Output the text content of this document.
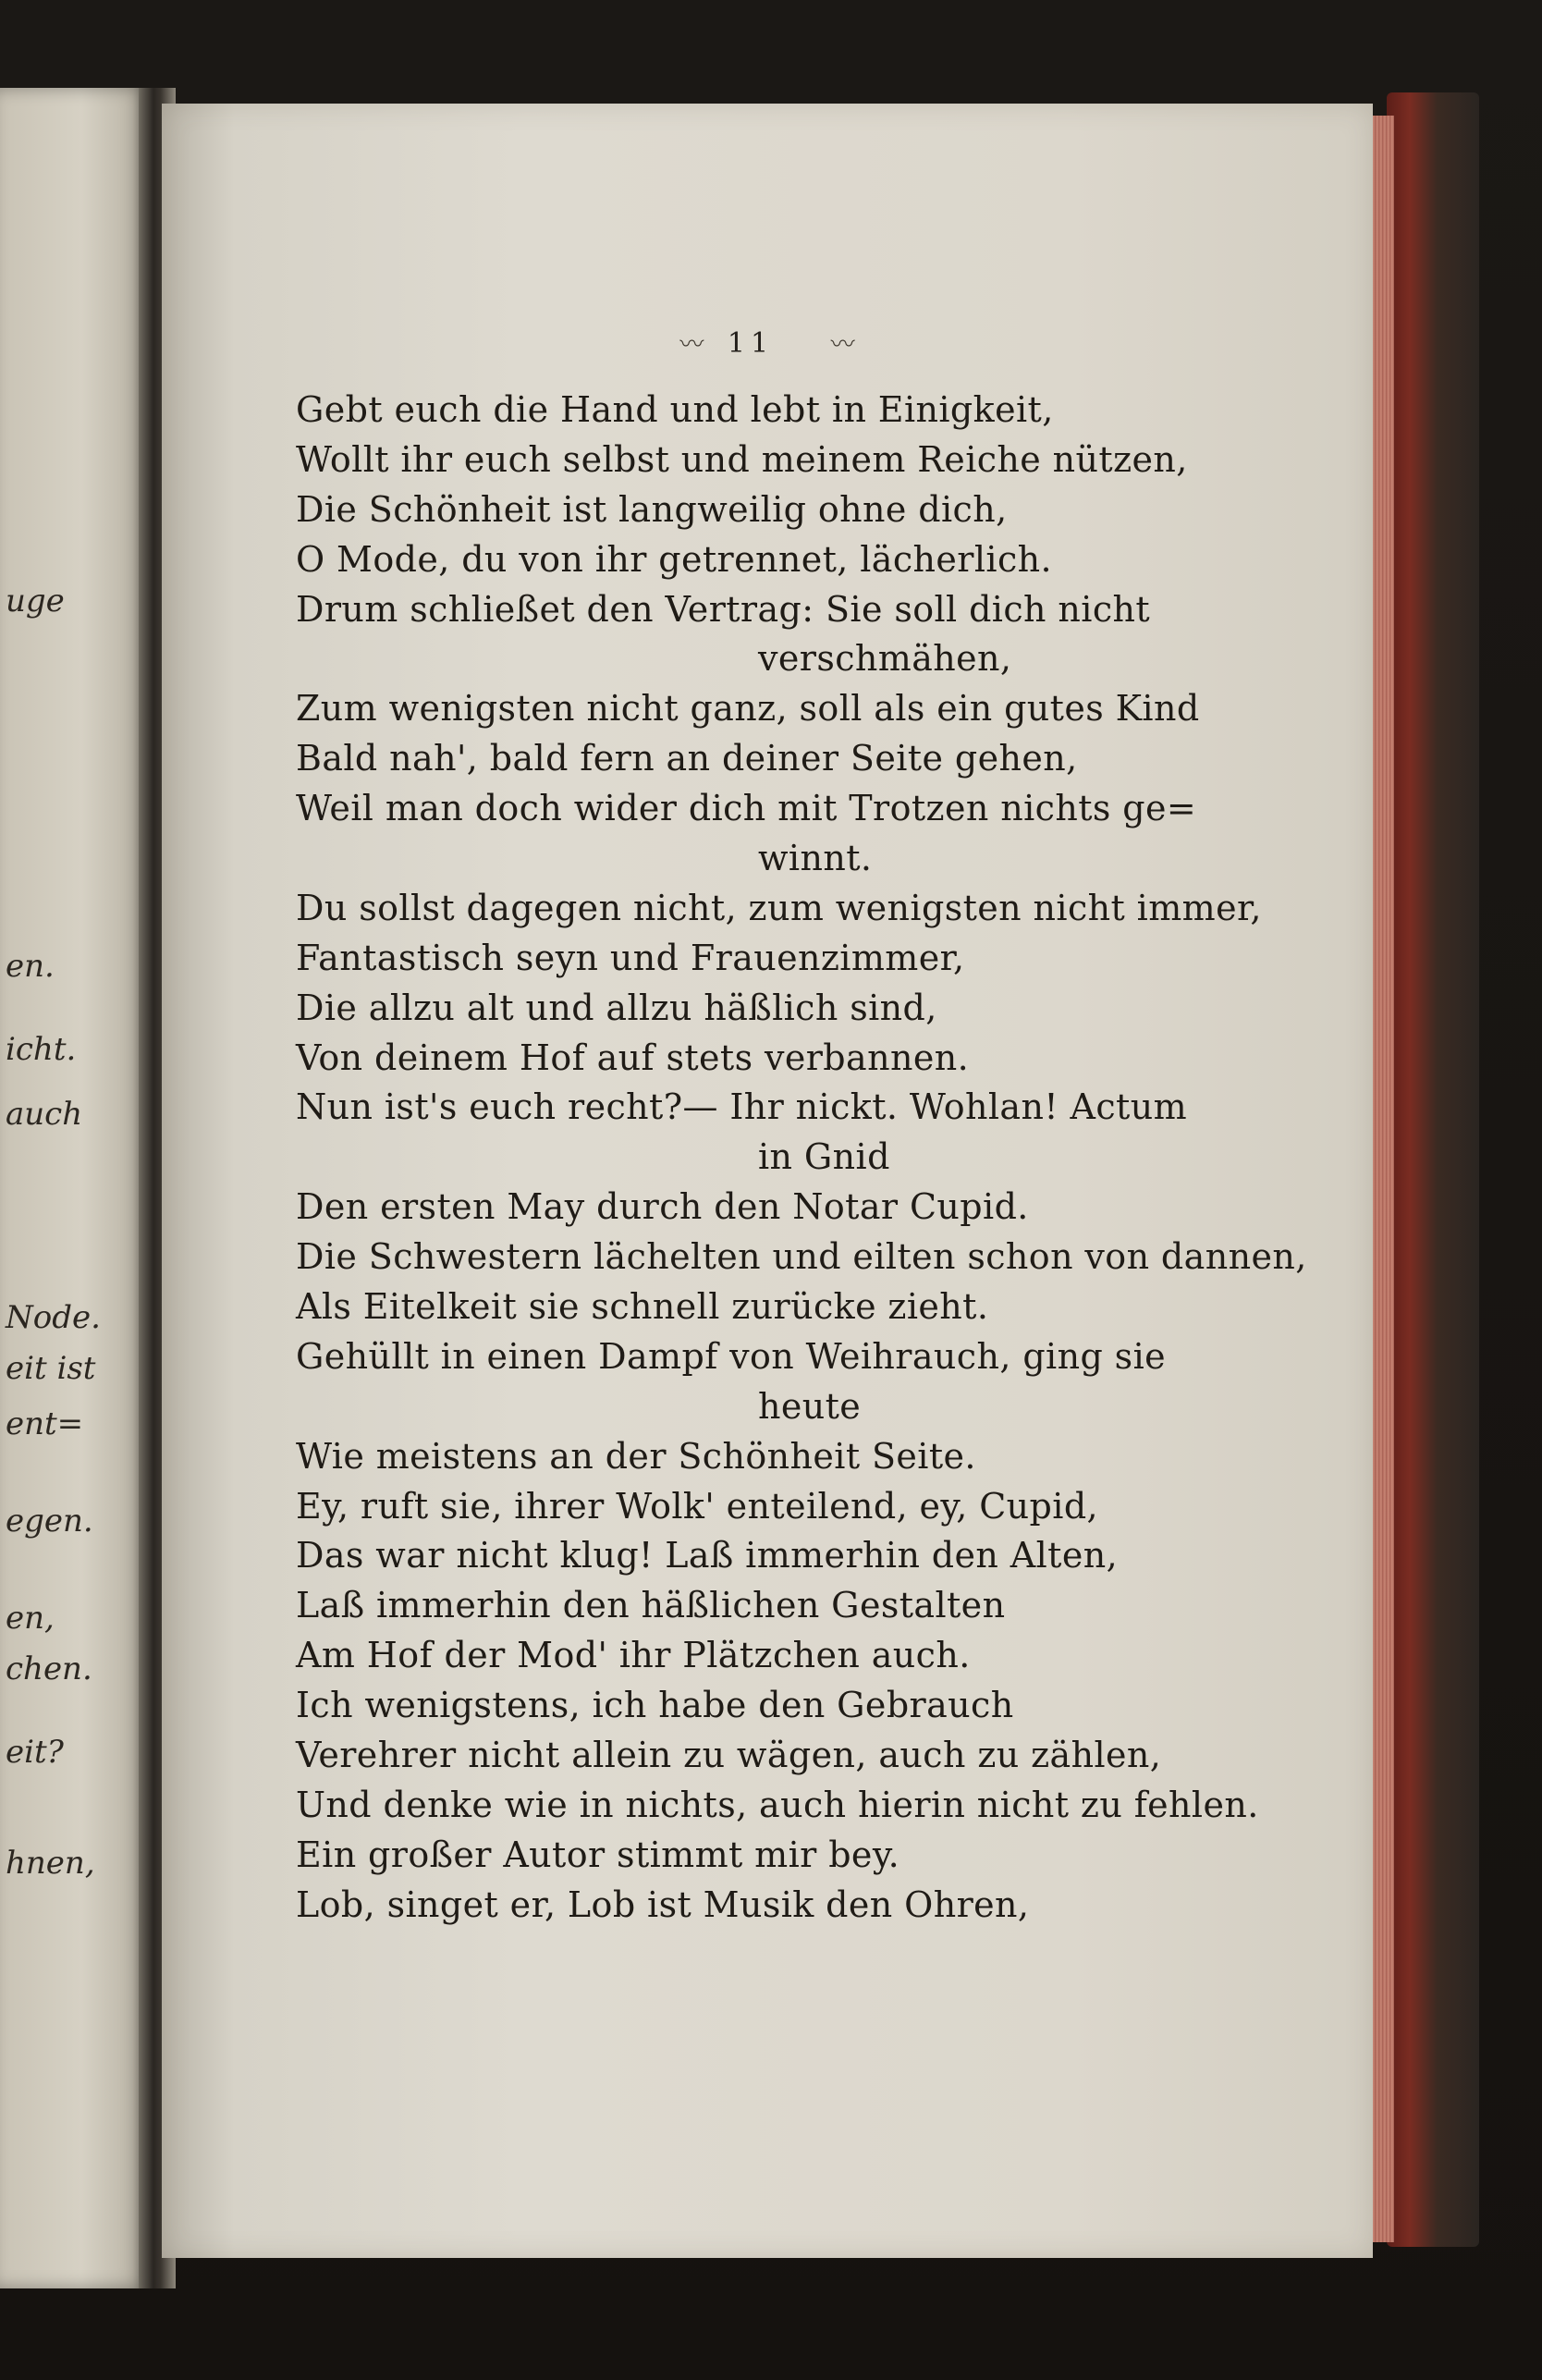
uge
en.
icht.
auch
Node.
eit ist
ent=
egen.
en,
chen.
eit?
hnen,
〰 11 〰
Gebt euch die Hand und lebt in Einigkeit,
Wollt ihr euch selbst und meinem Reiche nützen,
Die Schönheit ist langweilig ohne dich,
O Mode, du von ihr getrennet, lächerlich.
Drum schließet den Vertrag: Sie soll dich nicht
verschmähen,
Zum wenigsten nicht ganz, soll als ein gutes Kind
Bald nah', bald fern an deiner Seite gehen,
Weil man doch wider dich mit Trotzen nichts ge=
winnt.
Du sollst dagegen nicht, zum wenigsten nicht immer,
Fantastisch seyn und Frauenzimmer,
Die allzu alt und allzu häßlich sind,
Von deinem Hof auf stets verbannen.
Nun ist's euch recht?— Ihr nickt. Wohlan! Actum
in Gnid
Den ersten May durch den Notar Cupid.
Die Schwestern lächelten und eilten schon von dannen,
Als Eitelkeit sie schnell zurücke zieht.
Gehüllt in einen Dampf von Weihrauch, ging sie
heute
Wie meistens an der Schönheit Seite.
Ey, ruft sie, ihrer Wolk' enteilend, ey, Cupid,
Das war nicht klug! Laß immerhin den Alten,
Laß immerhin den häßlichen Gestalten
Am Hof der Mod' ihr Plätzchen auch.
Ich wenigstens, ich habe den Gebrauch
Verehrer nicht allein zu wägen, auch zu zählen,
Und denke wie in nichts, auch hierin nicht zu fehlen.
Ein großer Autor stimmt mir bey.
Lob, singet er, Lob ist Musik den Ohren,
